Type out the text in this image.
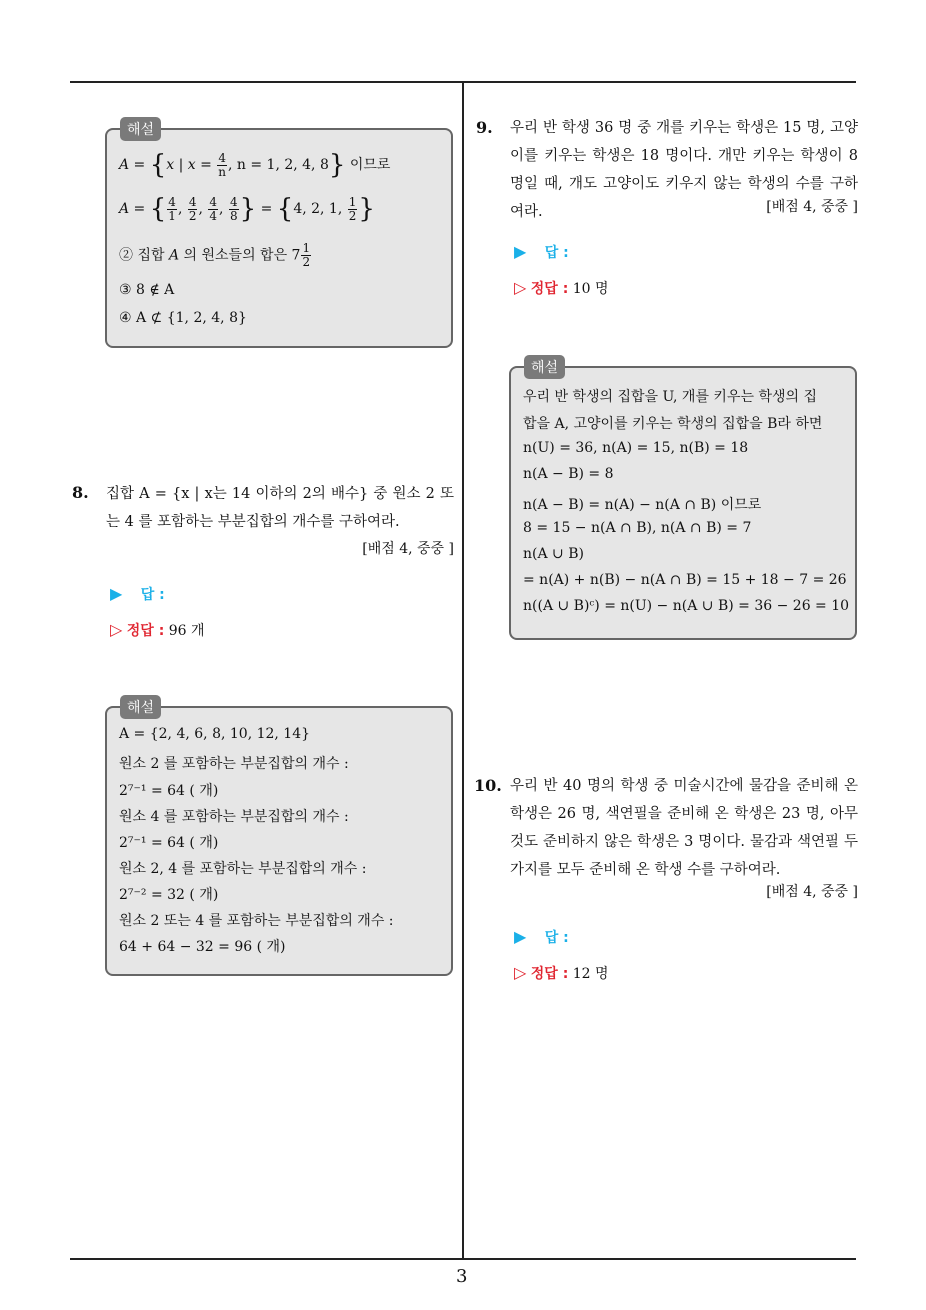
A = {x | $x = \frac{4}{n}$ , n = 1, 2, 4, 8} 이므로
A = { $\frac{4}{1}$ , $\frac{4}{2}$ , $\frac{4}{4}$ , $\frac{4}{8}$ } = {4, 2, 1, $\frac{1}{2}$ }
② 집합 A 의 원소들의 합은 $7 \frac{1}{2}$
③ 8 ∉ A
④ A ⊄ {1, 2, 4, 8}
해설
8. 집합 A = {x | x는 14 이하의 2의 배수} 중 원소 2 또는 4 를 포함하는 부분집합의 개수를 구하여라.
[배점 4, 중중 ]
▶ 답 :
▷ 정답 : 96 개
A = {2, 4, 6, 8, 10, 12, 14}
원소 2 를 포함하는 부분집합의 개수 :
2⁷⁻¹ = 64 ( 개)
원소 4 를 포함하는 부분집합의 개수 :
2⁷⁻¹ = 64 ( 개)
원소 2, 4 를 포함하는 부분집합의 개수 :
2⁷⁻² = 32 ( 개)
원소 2 또는 4 를 포함하는 부분집합의 개수 :
64 + 64 − 32 = 96 ( 개)
해설
9. 우리 반 학생 36 명 중 개를 키우는 학생은 15 명, 고양이를 키우는 학생은 18 명이다. 개만 키우는 학생이 8 명일 때, 개도 고양이도 키우지 않는 학생의 수를 구하여라.	[배점 4, 중중 ]
▶ 답 :
▷ 정답 : 10 명
우리 반 학생의 집합을 U, 개를 키우는 학생의 집
합을 A, 고양이를 키우는 학생의 집합을 B라 하면
n(U) = 36, n(A) = 15, n(B) = 18
n(A − B) = 8
n(A − B) = n(A) − n(A ∩ B) 이므로
8 = 15 − n(A ∩ B), n(A ∩ B) = 7
n(A ∪ B)
= n(A) + n(B) − n(A ∩ B) = 15 + 18 − 7 = 26
n((A ∪ B)ᶜ) = n(U) − n(A ∪ B) = 36 − 26 = 10
해설
10. 우리 반 40 명의 학생 중 미술시간에 물감을 준비해 온 학생은 26 명, 색연필을 준비해 온 학생은 23 명, 아무것도 준비하지 않은 학생은 3 명이다. 물감과 색연필 두 가지를 모두 준비해 온 학생 수를 구하여라.
[배점 4, 중중 ]
▶ 답 :
▷ 정답 : 12 명
3
